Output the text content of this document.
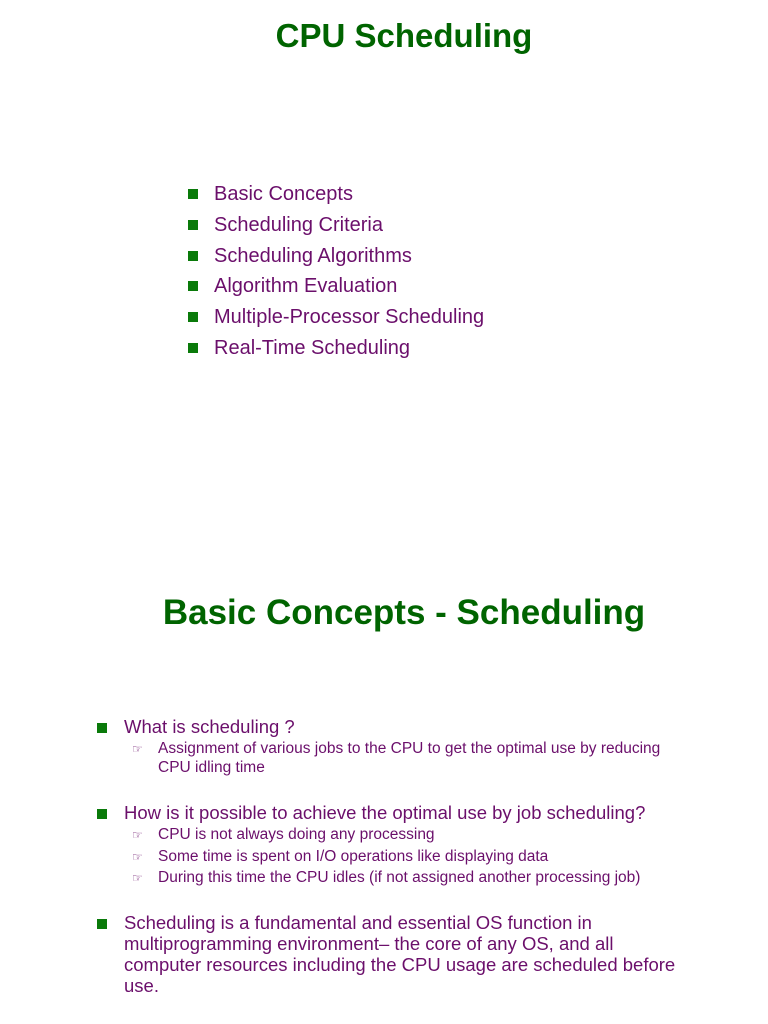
CPU Scheduling
Basic Concepts
Scheduling Criteria
Scheduling Algorithms
Algorithm Evaluation
Multiple-Processor Scheduling
Real-Time Scheduling
Basic Concepts - Scheduling
What is scheduling ?
☞ Assignment of various jobs to the CPU to get the optimal use by reducing CPU idling time
How is it possible to achieve the optimal use by job scheduling?
☞ CPU is not always doing any processing
☞ Some time is spent on I/O operations like displaying data
☞ During this time the CPU idles (if not assigned another processing job)
Scheduling is a fundamental and essential OS function in multiprogramming environment– the core of any OS, and all computer resources including the CPU usage are scheduled before use.
